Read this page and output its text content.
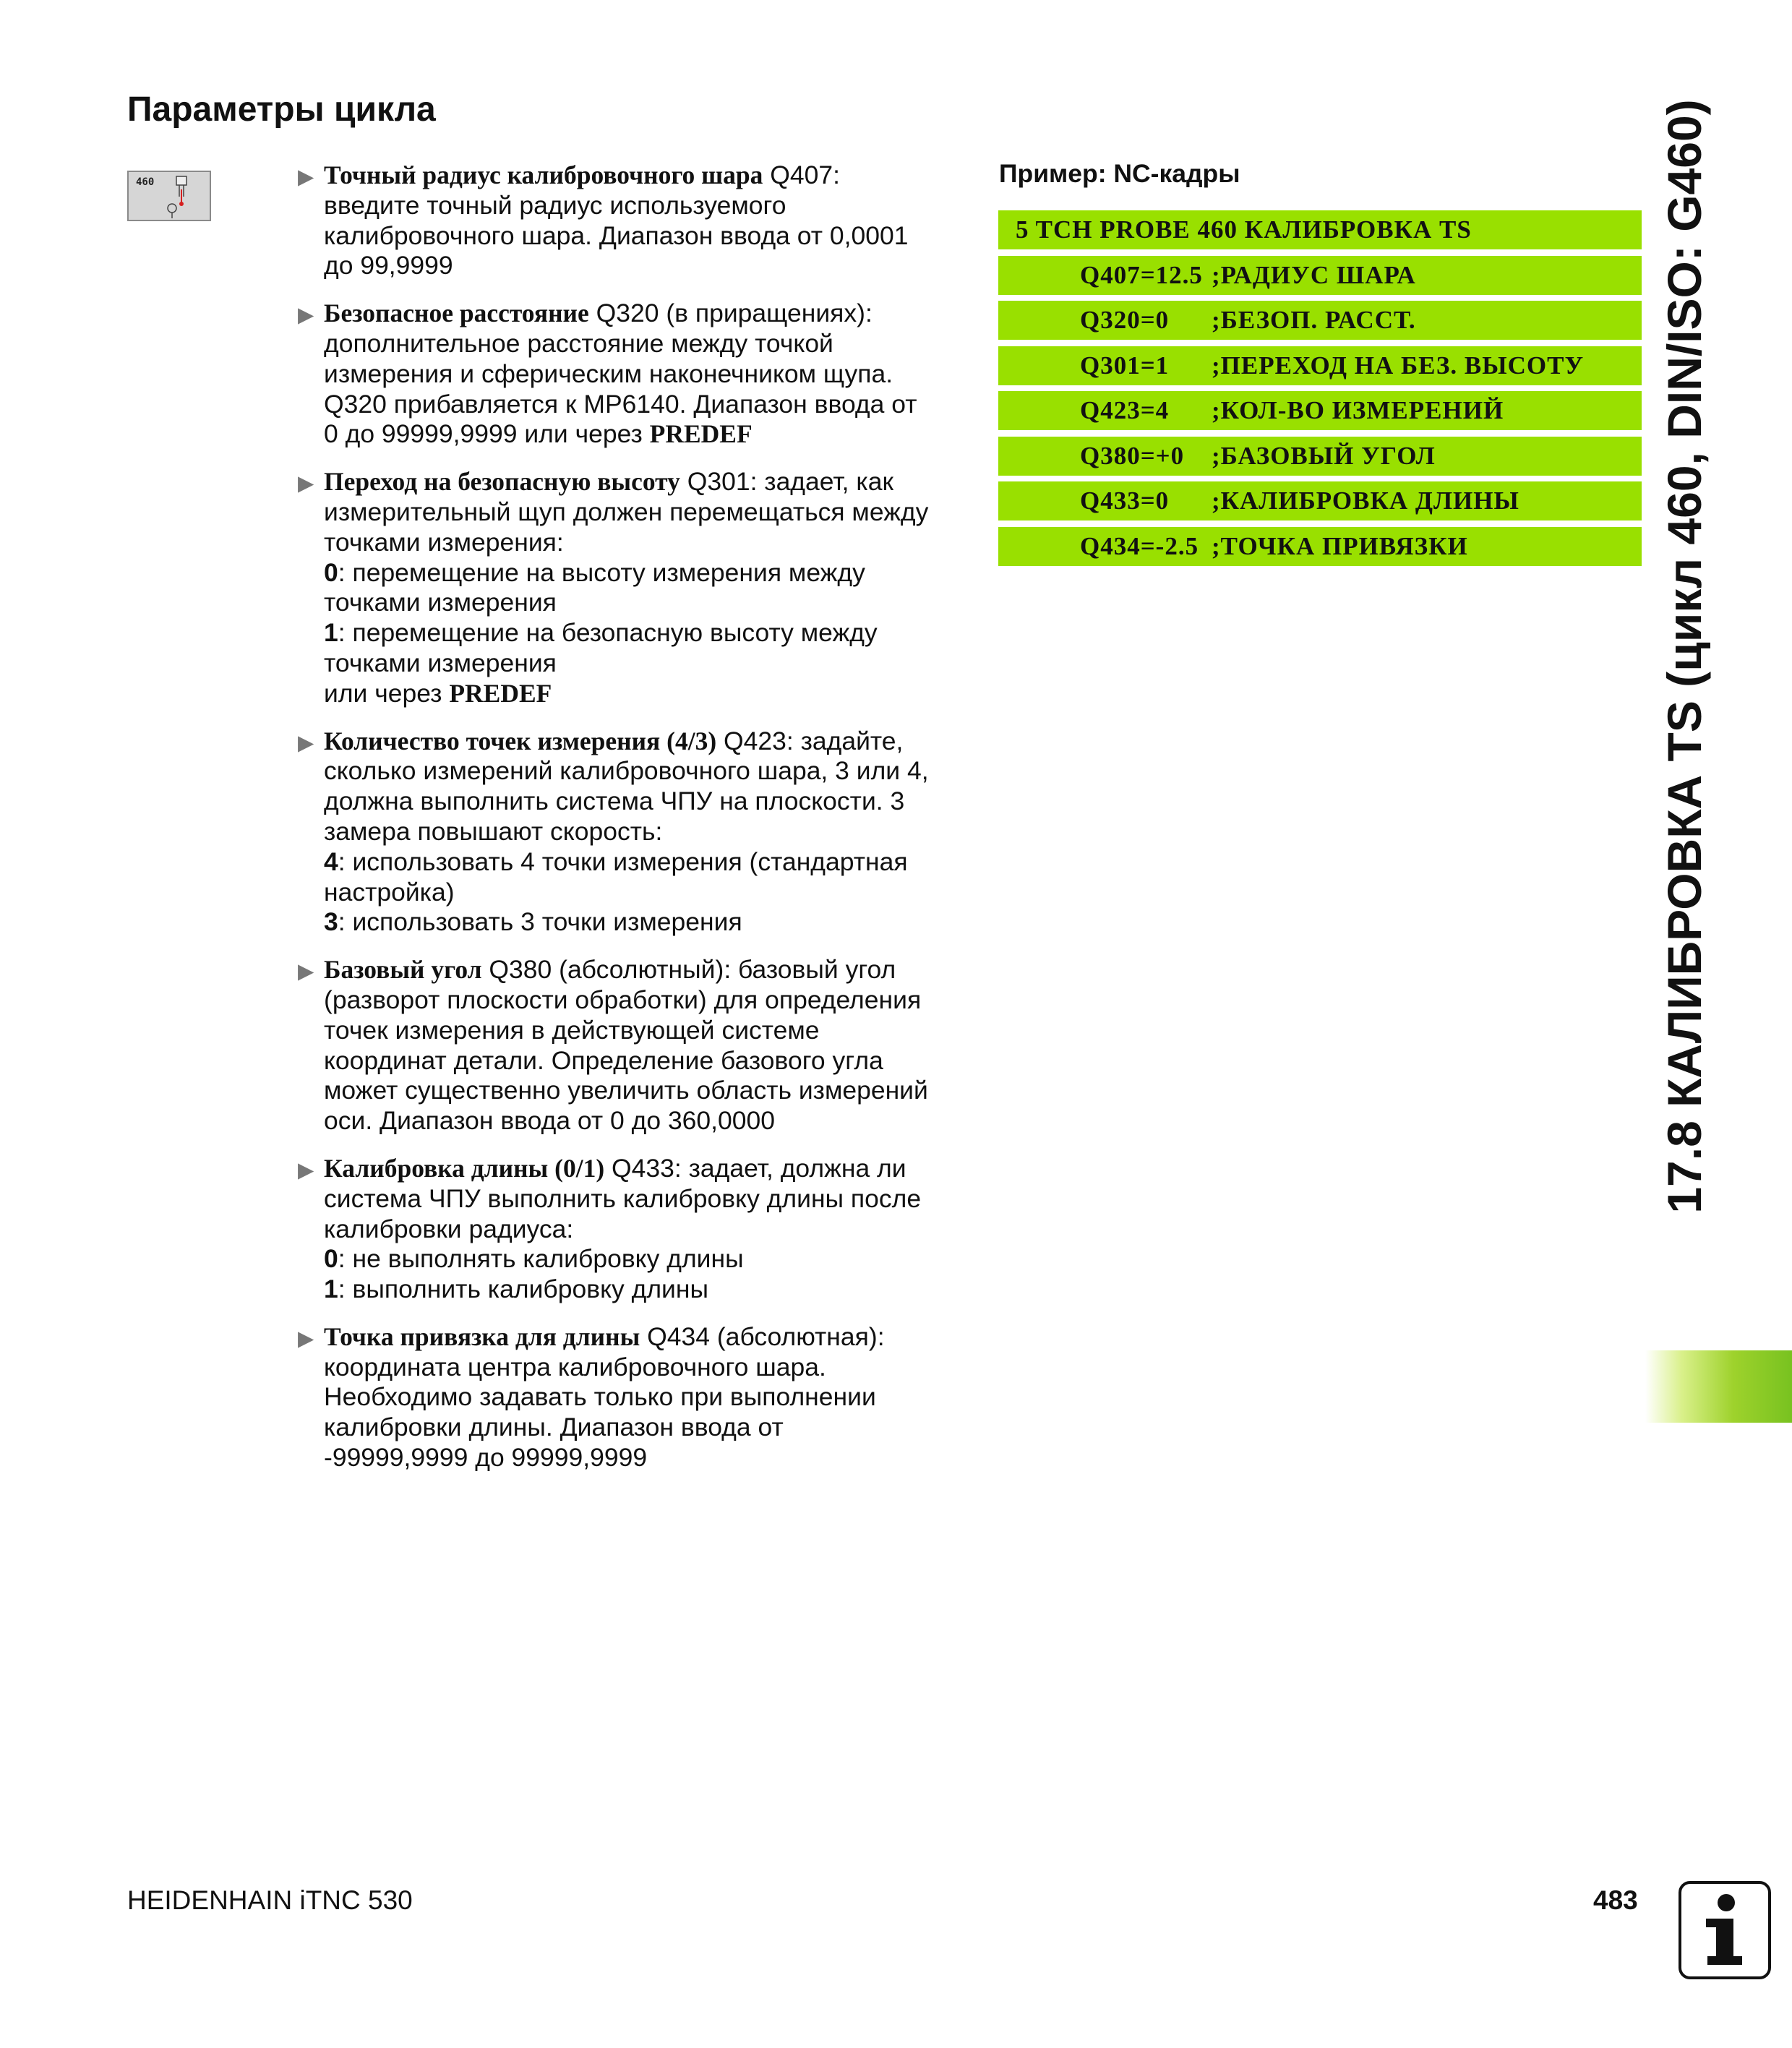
Параметры цикла
460	▶ Точный радиус калибровочного шара Q407:
введите точный радиус используемого
калибровочного шара. Диапазон ввода от 0,0001
до 99,9999
▶ Безопасное расстояние Q320 (в приращениях):
дополнительное расстояние между точкой
измерения и сферическим наконечником щупа.
Q320 прибавляется к MP6140. Диапазон ввода от
0 до 99999,9999 или через PREDEF
▶ Переход на безопасную высоту Q301: задает, как
измерительный щуп должен перемещаться между
точками измерения:
0: перемещение на высоту измерения между
точками измерения
1: перемещение на безопасную высоту между
точками измерения
или через PREDEF
▶ Количество точек измерения (4/3) Q423: задайте,
сколько измерений калибровочного шара, 3 или 4,
должна выполнить система ЧПУ на плоскости. 3
замера повышают скорость:
4: использовать 4 точки измерения (стандартная
настройка)
3: использовать 3 точки измерения
▶ Базовый угол Q380 (абсолютный): базовый угол
(разворот плоскости обработки) для определения
точек измерения в действующей системе
координат детали. Определение базового угла
может существенно увеличить область измерений
оси. Диапазон ввода от 0 до 360,0000
▶ Калибровка длины (0/1) Q433: задает, должна ли
система ЧПУ выполнить калибровку длины после
калибровки радиуса:
0: не выполнять калибровку длины
1: выполнить калибровку длины
▶ Точка привязка для длины Q434 (абсолютная):
координата центра калибровочного шара.
Необходимо задавать только при выполнении
калибровки длины. Диапазон ввода от
-99999,9999 до 99999,9999
Пример: NC-кадры
5 TCH PROBE 460 КАЛИБРОВКА TS
Q407=12.5 ;РАДИУС ШАРА
Q320=0 ;БЕЗОП. РАССТ.
Q301=1 ;ПЕРЕХОД НА БЕЗ. ВЫСОТУ
Q423=4 ;КОЛ-ВО ИЗМЕРЕНИЙ
Q380=+0 ;БАЗОВЫЙ УГОЛ
Q433=0 ;КАЛИБРОВКА ДЛИНЫ
Q434=-2.5 ;ТОЧКА ПРИВЯЗКИ	17.8 КАЛИБРОВКА TS (цикл 460, DIN/ISO: G460)
HEIDENHAIN iTNC 530	483
